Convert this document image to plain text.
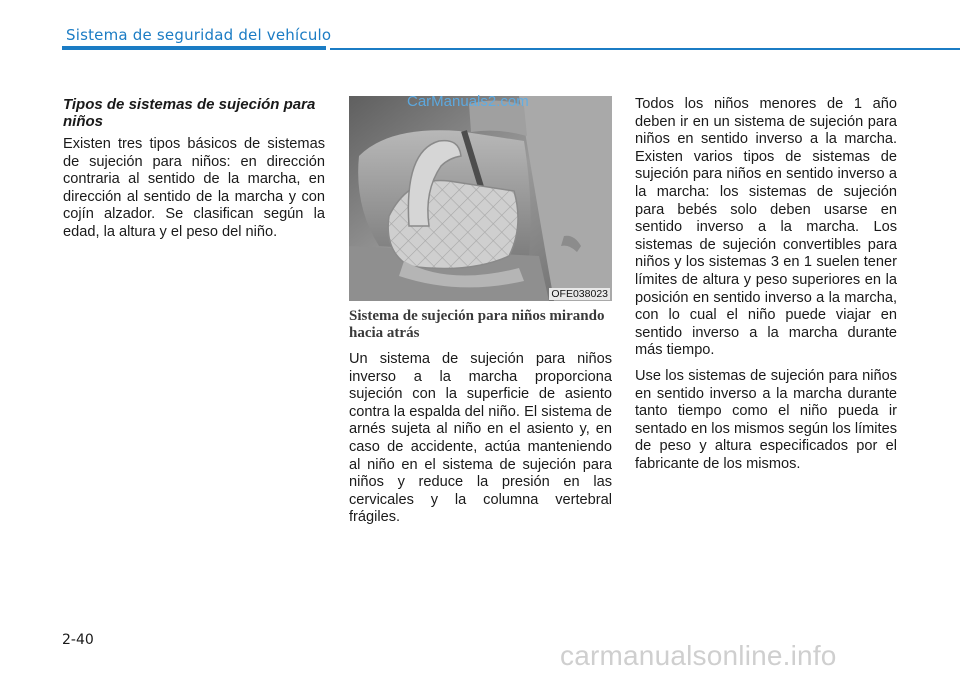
Sistema de seguridad del vehículo
Tipos de sistemas de sujeción para niños

Existen tres tipos básicos de sistemas de sujeción para niños: en dirección contraria al sentido de la marcha, en dirección al sentido de la marcha y con cojín alzador. Se clasifican según la edad, la altura y el peso del niño.

OFE038023
CarManuals2.com
Sistema de sujeción para niños mirando hacia atrás

Un sistema de sujeción para niños inverso a la marcha proporciona sujeción con la superficie de asiento contra la espalda del niño. El sistema de arnés sujeta al niño en el asiento y, en caso de accidente, actúa manteniendo al niño en el sistema de sujeción para niños y reduce la presión en las cervicales y la columna vertebral frágiles.

Todos los niños menores de 1 año deben ir en un sistema de sujeción para niños en sentido inverso a la marcha. Existen varios tipos de sistemas de sujeción para niños en sentido inverso a la marcha: los sistemas de sujeción para bebés solo deben usarse en sentido inverso a la marcha. Los sistemas de sujeción convertibles para niños y los sistemas 3 en 1 suelen tener límites de altura y peso superiores en la posición en sentido inverso a la marcha, con lo cual el niño puede viajar en sentido inverso a la marcha durante más tiempo.

Use los sistemas de sujeción para niños en sentido inverso a la marcha durante tanto tiempo como el niño pueda ir sentado en los mismos según los límites de peso y altura especificados por el fabricante de los mismos.

2-40	carmanualsonline.info
